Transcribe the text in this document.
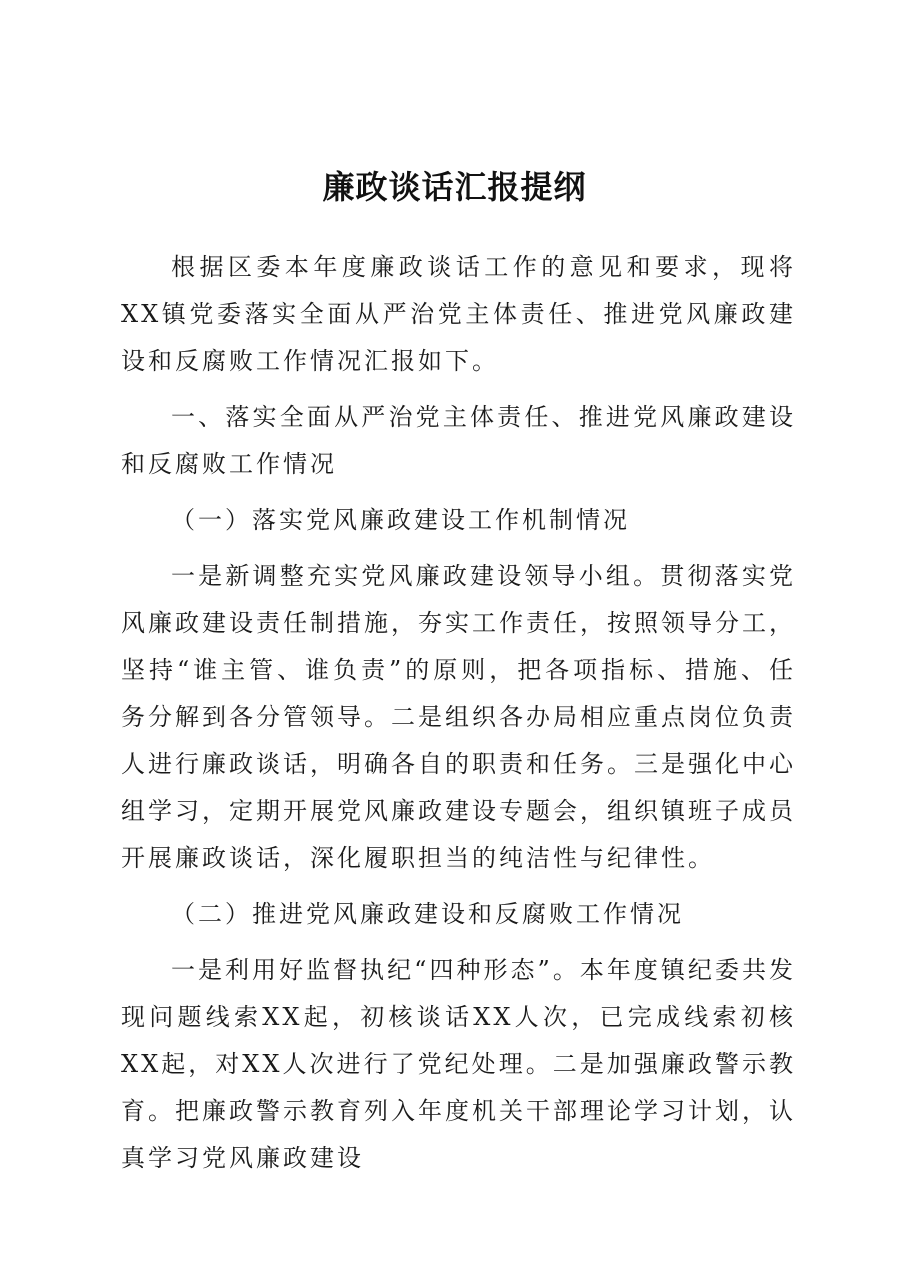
廉政谈话汇报提纲

根据区委本年度廉政谈话工作的意见和要求，现将XX镇党委落实全面从严治党主体责任、推进党风廉政建设和反腐败工作情况汇报如下。

一、落实全面从严治党主体责任、推进党风廉政建设和反腐败工作情况

（一）落实党风廉政建设工作机制情况

一是新调整充实党风廉政建设领导小组。贯彻落实党风廉政建设责任制措施，夯实工作责任，按照领导分工，坚持“谁主管、谁负责”的原则，把各项指标、措施、任务分解到各分管领导。二是组织各办局相应重点岗位负责人进行廉政谈话，明确各自的职责和任务。三是强化中心组学习，定期开展党风廉政建设专题会，组织镇班子成员开展廉政谈话，深化履职担当的纯洁性与纪律性。

（二）推进党风廉政建设和反腐败工作情况

一是利用好监督执纪“四种形态”。本年度镇纪委共发现问题线索XX起，初核谈话XX人次，已完成线索初核XX起，对XX人次进行了党纪处理。二是加强廉政警示教育。把廉政警示教育列入年度机关干部理论学习计划，认真学习党风廉政建设
